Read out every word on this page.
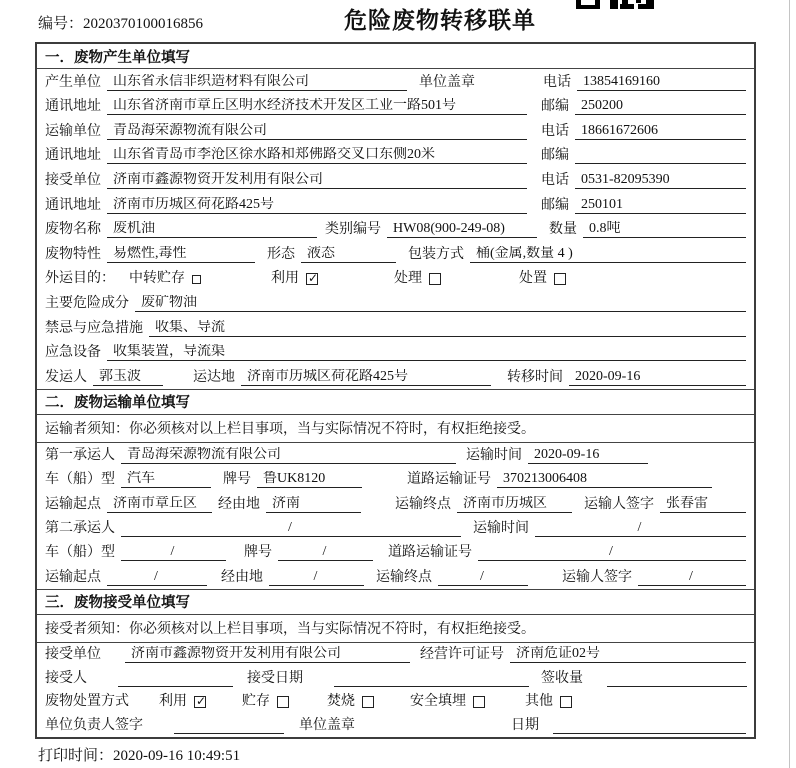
编号：2020370100016856	危险废物转移联单
一．废物产生单位填写
产生单位 山东省永信非织造材料有限公司	单位盖章	电话 13854169160
通讯地址 山东省济南市章丘区明水经济技术开发区工业一路501号	邮编 250200
运输单位 青岛海荣源物流有限公司	电话 18661672606
通讯地址 山东省青岛市李沧区徐水路和郑佛路交叉口东侧20米	邮编
接受单位 济南市鑫源物资开发利用有限公司	电话 0531-82095390
通讯地址 济南市历城区荷花路425号	邮编 250101
废物名称 废机油	类别编号 HW08(900-249-08)	数量 0.8吨
废物特性 易燃性,毒性	形态 液态	包装方式 桶(金属,数量 4 )
外运目的： 中转贮存	利用 ✓	处理	处置
主要危险成分 废矿物油
禁忌与应急措施 收集、导流
应急设备 收集装置，导流渠
发运人 郭玉波	运达地 济南市历城区荷花路425号	转移时间 2020-09-16
二．废物运输单位填写
运输者须知：你必须核对以上栏目事项，当与实际情况不符时，有权拒绝接受。
第一承运人 青岛海荣源物流有限公司	运输时间 2020-09-16
车（船）型 汽车	牌号 鲁UK8120	道路运输证号 370213006408
运输起点 济南市章丘区	经由地 济南	运输终点 济南市历城区	运输人签字 张春雷
第二承运人	/	运输时间	/
车（船）型	/	牌号	/	道路运输证号	/
运输起点	/	经由地	/	运输终点	/	运输人签字	/
三．废物接受单位填写
接受者须知：你必须核对以上栏目事项，当与实际情况不符时，有权拒绝接受。
接受单位	济南市鑫源物资开发利用有限公司	经营许可证号 济南危证02号
接受人	接受日期	签收量
废物处置方式 利用 ✓	贮存	焚烧	安全填埋	其他
单位负责人签字	单位盖章	日期
打印时间：2020-09-16 10:49:51
